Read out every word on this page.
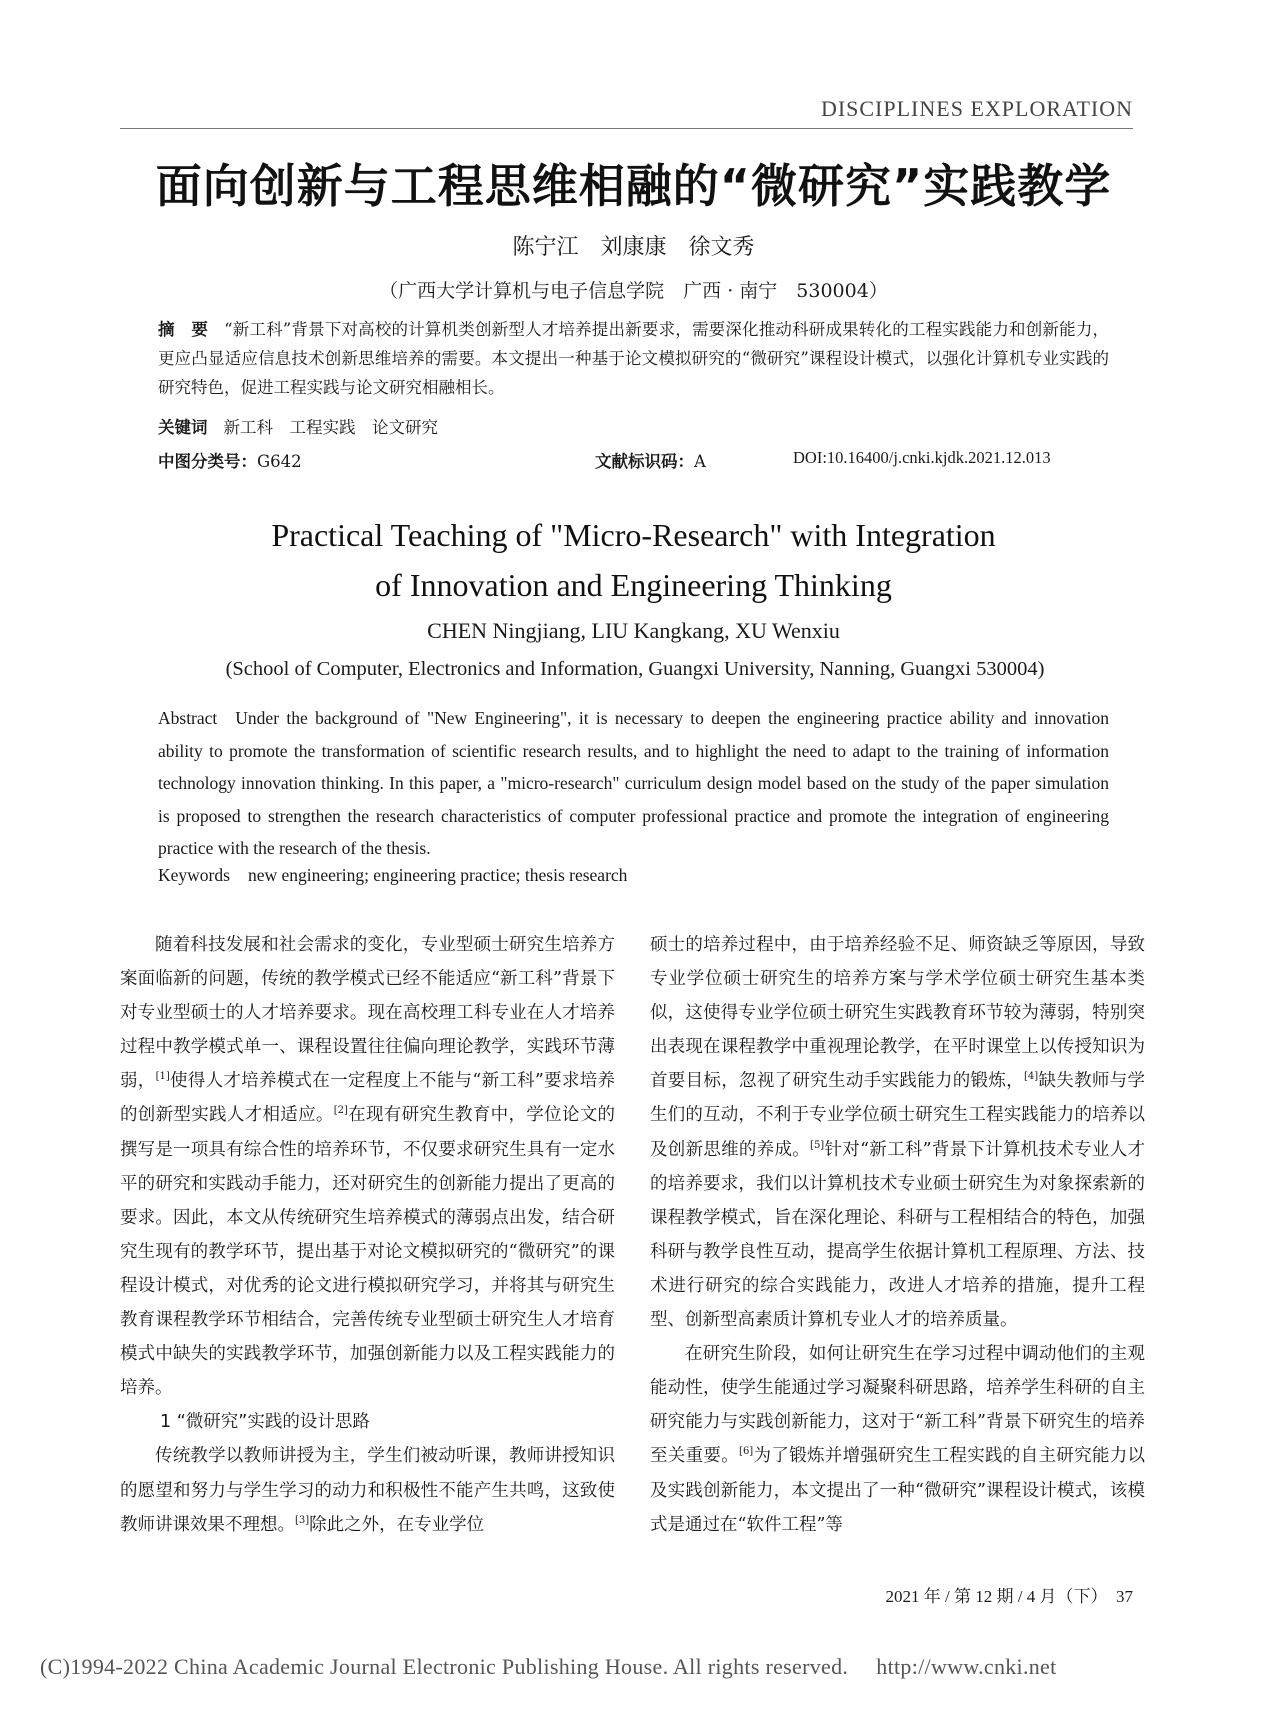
DISCIPLINES EXPLORATION
面向创新与工程思维相融的“微研究”实践教学
陈宁江　刘康康　徐文秀
（广西大学计算机与电子信息学院　广西 · 南宁　530004）
摘　要 “新工科”背景下对高校的计算机类创新型人才培养提出新要求，需要深化推动科研成果转化的工程实践能力和创新能力，更应凸显适应信息技术创新思维培养的需要。本文提出一种基于论文模拟研究的“微研究”课程设计模式，以强化计算机专业实践的研究特色，促进工程实践与论文研究相融相长。
关键词 新工科　工程实践　论文研究
中图分类号：G642	文献标识码：A	DOI:10.16400/j.cnki.kjdk.2021.12.013
Practical Teaching of "Micro-Research" with Integration
of Innovation and Engineering Thinking
CHEN Ningjiang, LIU Kangkang, XU Wenxiu
(School of Computer, Electronics and Information, Guangxi University, Nanning, Guangxi 530004)
Abstract Under the background of "New Engineering", it is necessary to deepen the engineering practice ability and innovation ability to promote the transformation of scientific research results, and to highlight the need to adapt to the training of information technology innovation thinking. In this paper, a "micro-research" curriculum design model based on the study of the paper simulation is proposed to strengthen the research characteristics of computer professional practice and promote the integration of engineering practice with the research of the thesis.
Keywords new engineering; engineering practice; thesis research

随着科技发展和社会需求的变化，专业型硕士研究生培养方案面临新的问题，传统的教学模式已经不能适应“新工科”背景下对专业型硕士的人才培养要求。现在高校理工科专业在人才培养过程中教学模式单一、课程设置往往偏向理论教学，实践环节薄弱，[1]使得人才培养模式在一定程度上不能与“新工科”要求培养的创新型实践人才相适应。[2]在现有研究生教育中，学位论文的撰写是一项具有综合性的培养环节，不仅要求研究生具有一定水平的研究和实践动手能力，还对研究生的创新能力提出了更高的要求。因此，本文从传统研究生培养模式的薄弱点出发，结合研究生现有的教学环节，提出基于对论文模拟研究的“微研究”的课程设计模式，对优秀的论文进行模拟研究学习，并将其与研究生教育课程教学环节相结合，完善传统专业型硕士研究生人才培育模式中缺失的实践教学环节，加强创新能力以及工程实践能力的培养。

1 “微研究”实践的设计思路

传统教学以教师讲授为主，学生们被动听课，教师讲授知识的愿望和努力与学生学习的动力和积极性不能产生共鸣，这致使教师讲课效果不理想。[3]除此之外，在专业学位

硕士的培养过程中，由于培养经验不足、师资缺乏等原因，导致专业学位硕士研究生的培养方案与学术学位硕士研究生基本类似，这使得专业学位硕士研究生实践教育环节较为薄弱，特别突出表现在课程教学中重视理论教学，在平时课堂上以传授知识为首要目标，忽视了研究生动手实践能力的锻炼，[4]缺失教师与学生们的互动，不利于专业学位硕士研究生工程实践能力的培养以及创新思维的养成。[5]针对“新工科”背景下计算机技术专业人才的培养要求，我们以计算机技术专业硕士研究生为对象探索新的课程教学模式，旨在深化理论、科研与工程相结合的特色，加强科研与教学良性互动，提高学生依据计算机工程原理、方法、技术进行研究的综合实践能力，改进人才培养的措施，提升工程型、创新型高素质计算机专业人才的培养质量。

在研究生阶段，如何让研究生在学习过程中调动他们的主观能动性，使学生能通过学习凝聚科研思路，培养学生科研的自主研究能力与实践创新能力，这对于“新工科”背景下研究生的培养至关重要。[6]为了锻炼并增强研究生工程实践的自主研究能力以及实践创新能力，本文提出了一种“微研究”课程设计模式，该模式是通过在“软件工程”等

2021 年 / 第 12 期 / 4 月（下）　37
(C)1994-2022 China Academic Journal Electronic Publishing House. All rights reserved.　 http://www.cnki.net
